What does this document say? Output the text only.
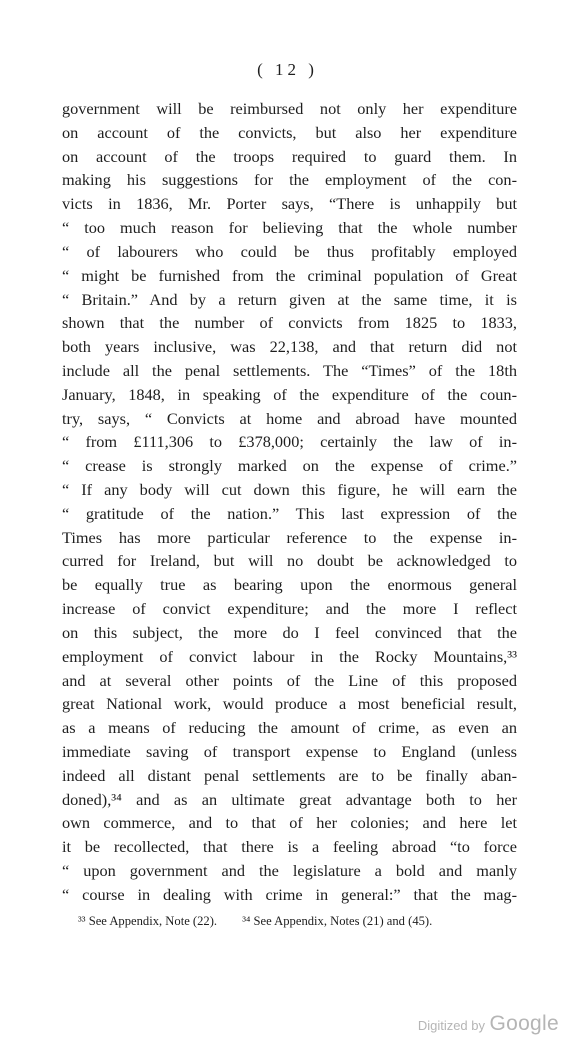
( 12 )
government will be reimbursed not only her expenditure
on account of the convicts, but also her expenditure
on account of the troops required to guard them. In
making his suggestions for the employment of the con-
victs in 1836, Mr. Porter says, “There is unhappily but
“ too much reason for believing that the whole number
“ of labourers who could be thus profitably employed
“ might be furnished from the criminal population of Great
“ Britain.” And by a return given at the same time, it is
shown that the number of convicts from 1825 to 1833,
both years inclusive, was 22,138, and that return did not
include all the penal settlements. The “Times” of the 18th
January, 1848, in speaking of the expenditure of the coun-
try, says, “ Convicts at home and abroad have mounted
“ from £111,306 to £378,000; certainly the law of in-
“ crease is strongly marked on the expense of crime.”
“ If any body will cut down this figure, he will earn the
“ gratitude of the nation.” This last expression of the
Times has more particular reference to the expense in-
curred for Ireland, but will no doubt be acknowledged to
be equally true as bearing upon the enormous general
increase of convict expenditure; and the more I reflect
on this subject, the more do I feel convinced that the
employment of convict labour in the Rocky Mountains,³³
and at several other points of the Line of this proposed
great National work, would produce a most beneficial result,
as a means of reducing the amount of crime, as even an
immediate saving of transport expense to England (unless
indeed all distant penal settlements are to be finally aban-
doned),³⁴ and as an ultimate great advantage both to her
own commerce, and to that of her colonies; and here let
it be recollected, that there is a feeling abroad “to force
“ upon government and the legislature a bold and manly
“ course in dealing with crime in general:” that the mag-
³³ See Appendix, Note (22). ³⁴ See Appendix, Notes (21) and (45).
Digitized by Google
